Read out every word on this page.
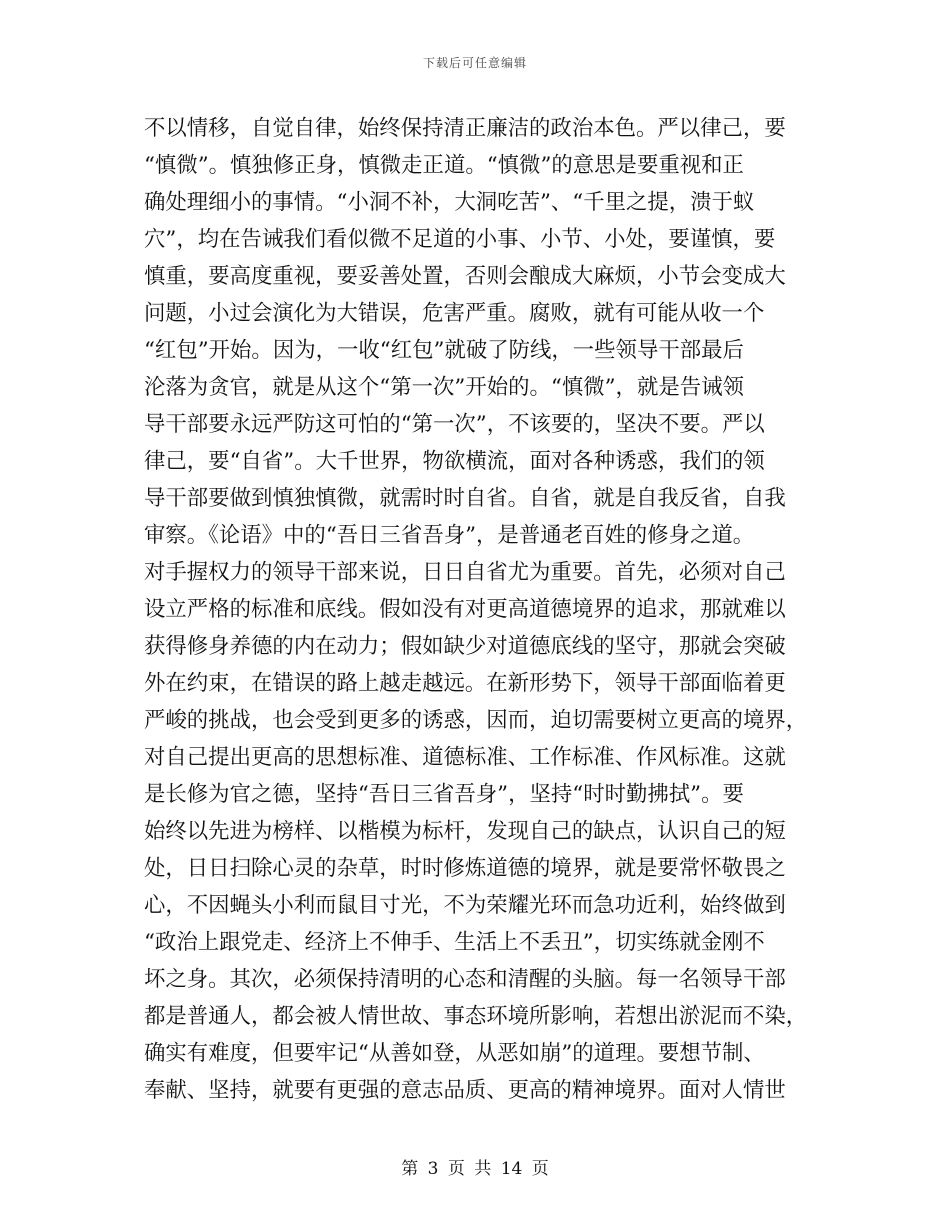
下载后可任意编辑
不以情移，自觉自律，始终保持清正廉洁的政治本色。严以律己，要
“慎微”。慎独修正身，慎微走正道。“慎微”的意思是要重视和正
确处理细小的事情。“小洞不补，大洞吃苦”、“千里之提，溃于蚁
穴”，均在告诫我们看似微不足道的小事、小节、小处，要谨慎，要
慎重，要高度重视，要妥善处置，否则会酿成大麻烦，小节会变成大
问题，小过会演化为大错误，危害严重。腐败，就有可能从收一个
“红包”开始。因为，一收“红包”就破了防线，一些领导干部最后
沦落为贪官，就是从这个“第一次”开始的。“慎微”，就是告诫领
导干部要永远严防这可怕的“第一次”，不该要的，坚决不要。严以
律己，要“自省”。大千世界，物欲横流，面对各种诱惑，我们的领
导干部要做到慎独慎微，就需时时自省。自省，就是自我反省，自我
审察。《论语》中的“吾日三省吾身”，是普通老百姓的修身之道。
对手握权力的领导干部来说，日日自省尤为重要。首先，必须对自己
设立严格的标准和底线。假如没有对更高道德境界的追求，那就难以
获得修身养德的内在动力；假如缺少对道德底线的坚守，那就会突破
外在约束，在错误的路上越走越远。在新形势下，领导干部面临着更
严峻的挑战，也会受到更多的诱惑，因而，迫切需要树立更高的境界，
对自己提出更高的思想标准、道德标准、工作标准、作风标准。这就
是长修为官之德，坚持“吾日三省吾身”，坚持“时时勤拂拭”。要
始终以先进为榜样、以楷模为标杆，发现自己的缺点，认识自己的短
处，日日扫除心灵的杂草，时时修炼道德的境界，就是要常怀敬畏之
心，不因蝇头小利而鼠目寸光，不为荣耀光环而急功近利，始终做到
“政治上跟党走、经济上不伸手、生活上不丢丑”，切实练就金刚不
坏之身。其次，必须保持清明的心态和清醒的头脑。每一名领导干部
都是普通人，都会被人情世故、事态环境所影响，若想出淤泥而不染，
确实有难度，但要牢记“从善如登，从恶如崩”的道理。要想节制、
奉献、坚持，就要有更强的意志品质、更高的精神境界。面对人情世
第 3 页 共 14 页
